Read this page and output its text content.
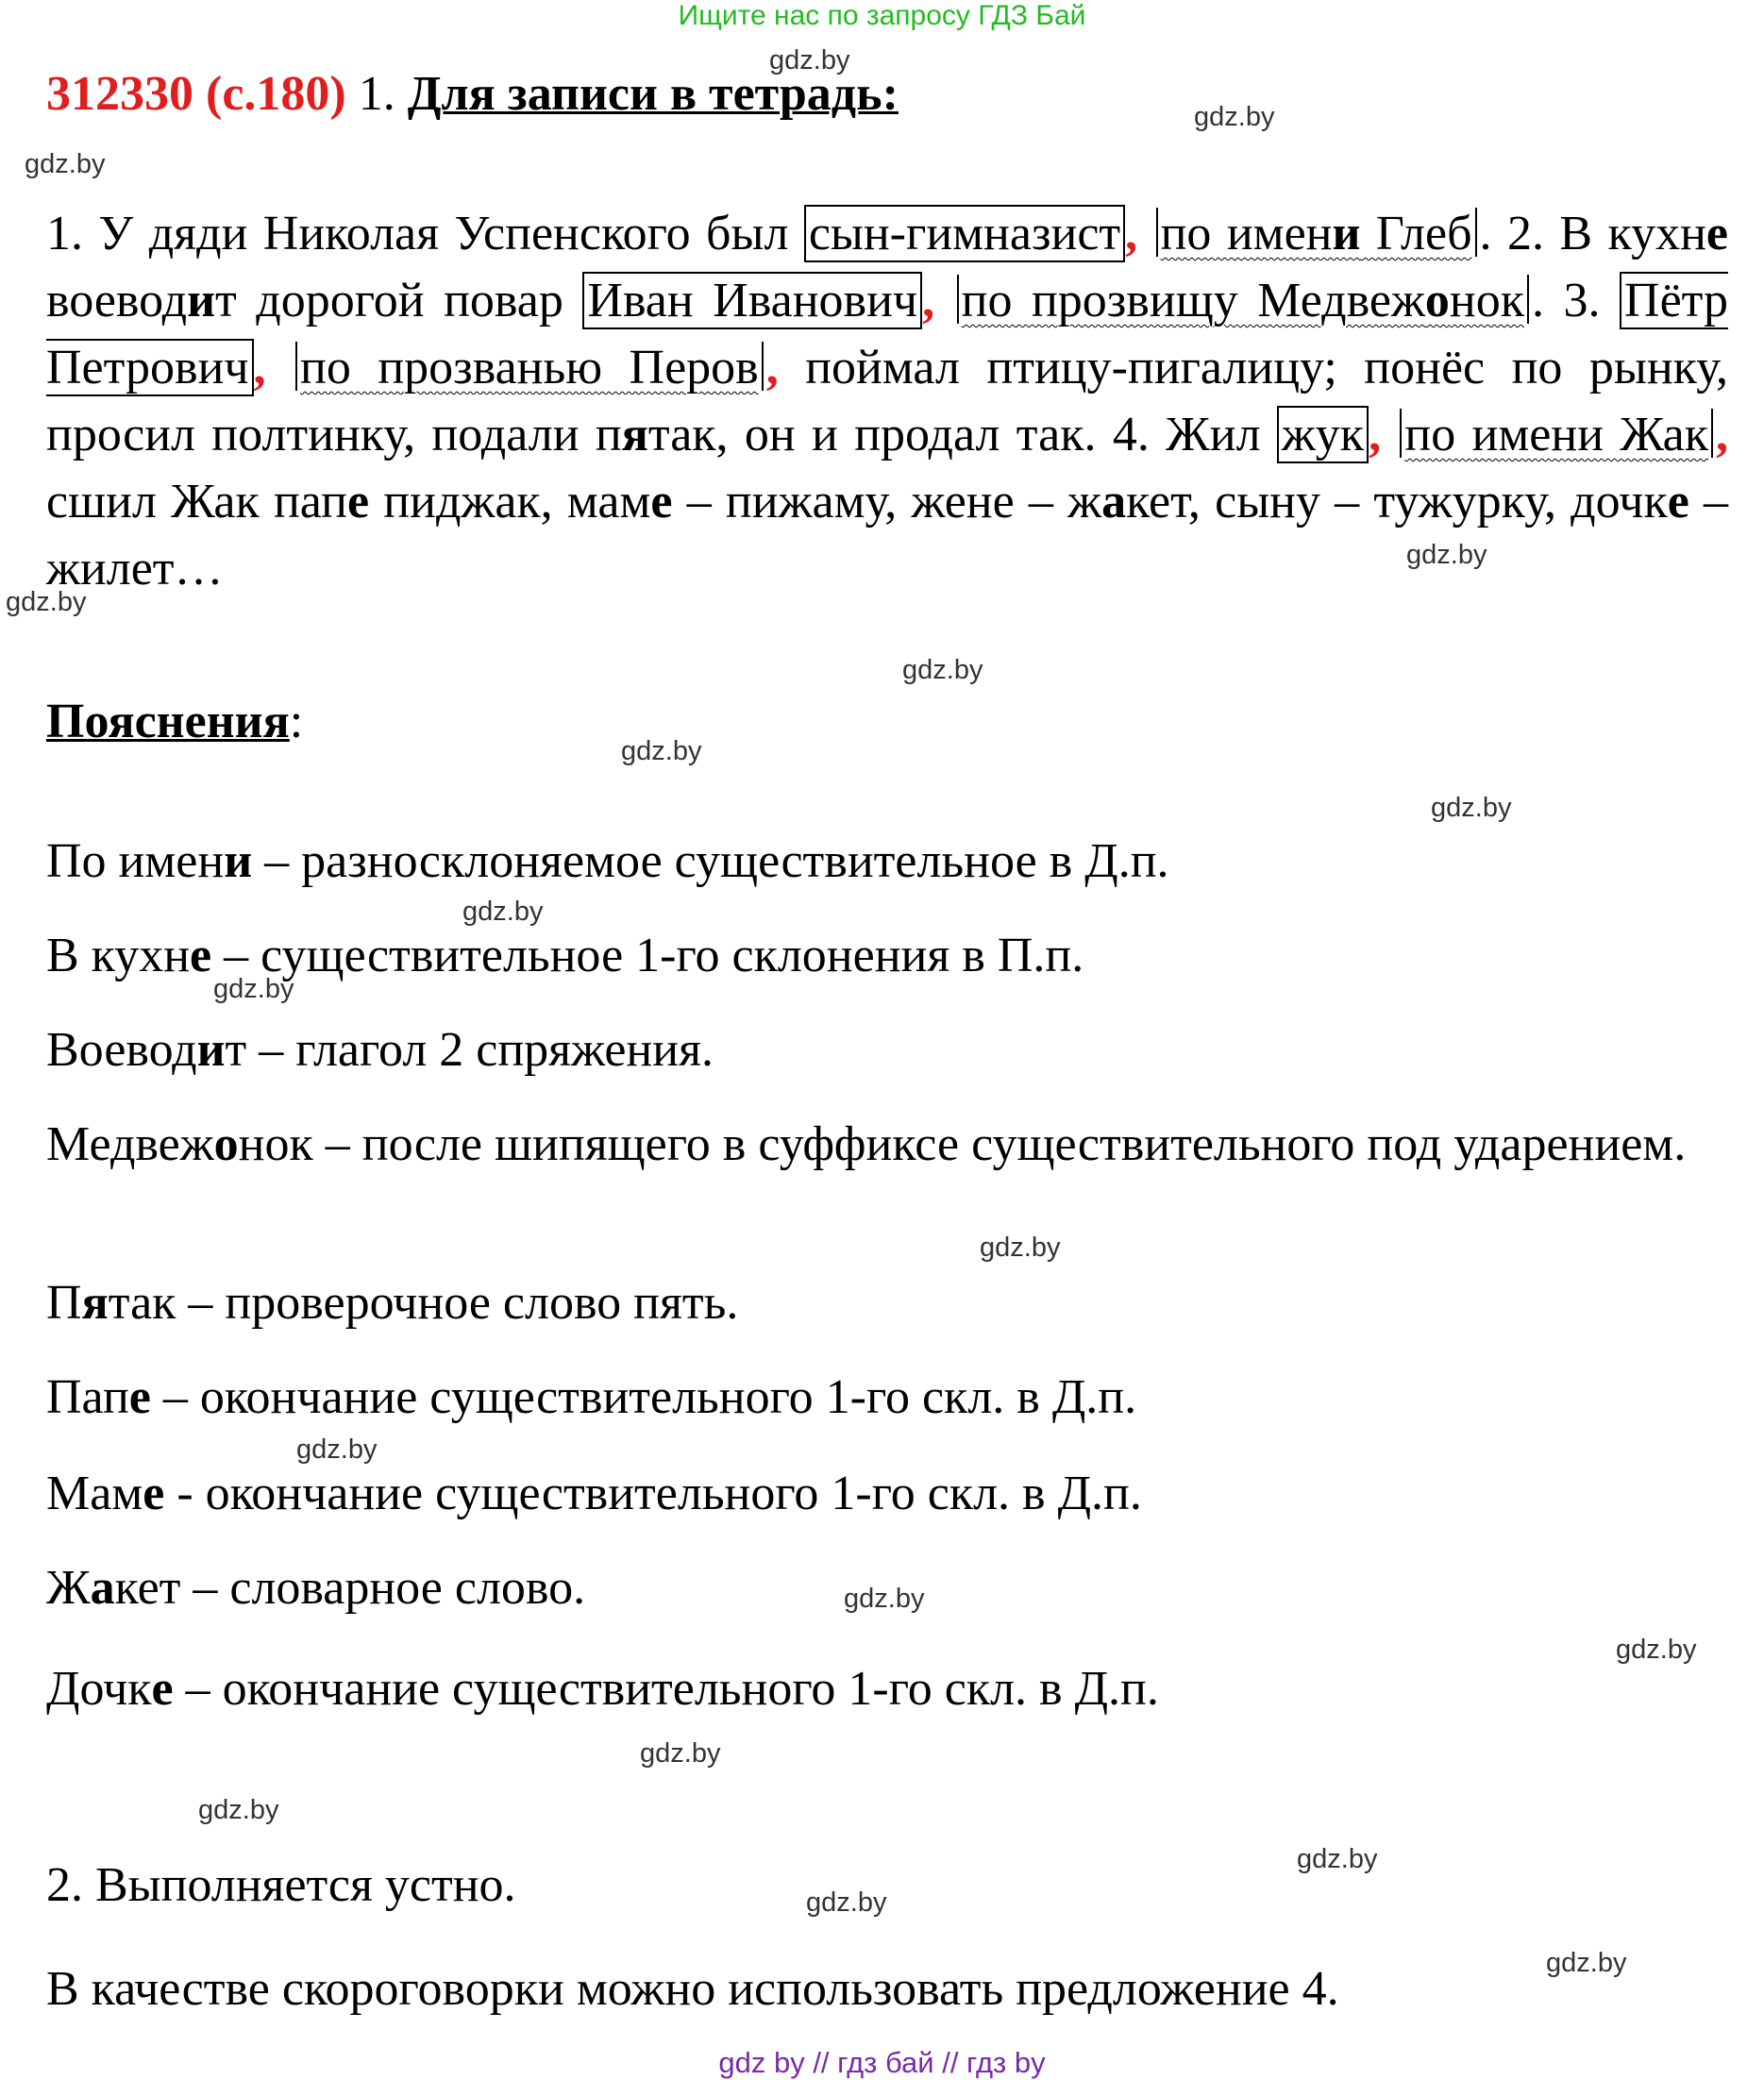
Ищите нас по запросу ГДЗ Бай
gdz.by
gdz.by
gdz.by
gdz.by
gdz.by
gdz.by
gdz.by
gdz.by
gdz.by
gdz.by
gdz.by
gdz.by
gdz.by
gdz.by
gdz.by
gdz.by
gdz.by
gdz.by
gdz.by
312330 (с.180) 1. Для записи в тетрадь:
1. У дяди Николая Успенского был сын-гимназист, по имени Глеб . 2. В кухне воеводит дорогой повар Иван Иванович, по прозвищу Медвежонок . 3. Пётр Петрович, по прозванью Перов , поймал птицу-пигалицу; понёс по рынку, просил полтинку, подали пятак, он и продал так. 4. Жил жук, по имени Жак , сшил Жак папе пиджак, маме – пижаму, жене – жакет, сыну – тужурку, дочке – жилет…
Пояснения:
По имени – разносклоняемое существительное в Д.п.
В кухне – существительное 1-го склонения в П.п.
Воеводит – глагол 2 спряжения.
Медвежонок – после шипящего в суффиксе существительного под ударением.
Пятак – проверочное слово пять.
Папе – окончание существительного 1-го скл. в Д.п.
Маме - окончание существительного 1-го скл. в Д.п.
Жакет – словарное слово.
Дочке – окончание существительного 1-го скл. в Д.п.
2. Выполняется устно.
В качестве скороговорки можно использовать предложение 4.
gdz by // гдз бай // гдз by
